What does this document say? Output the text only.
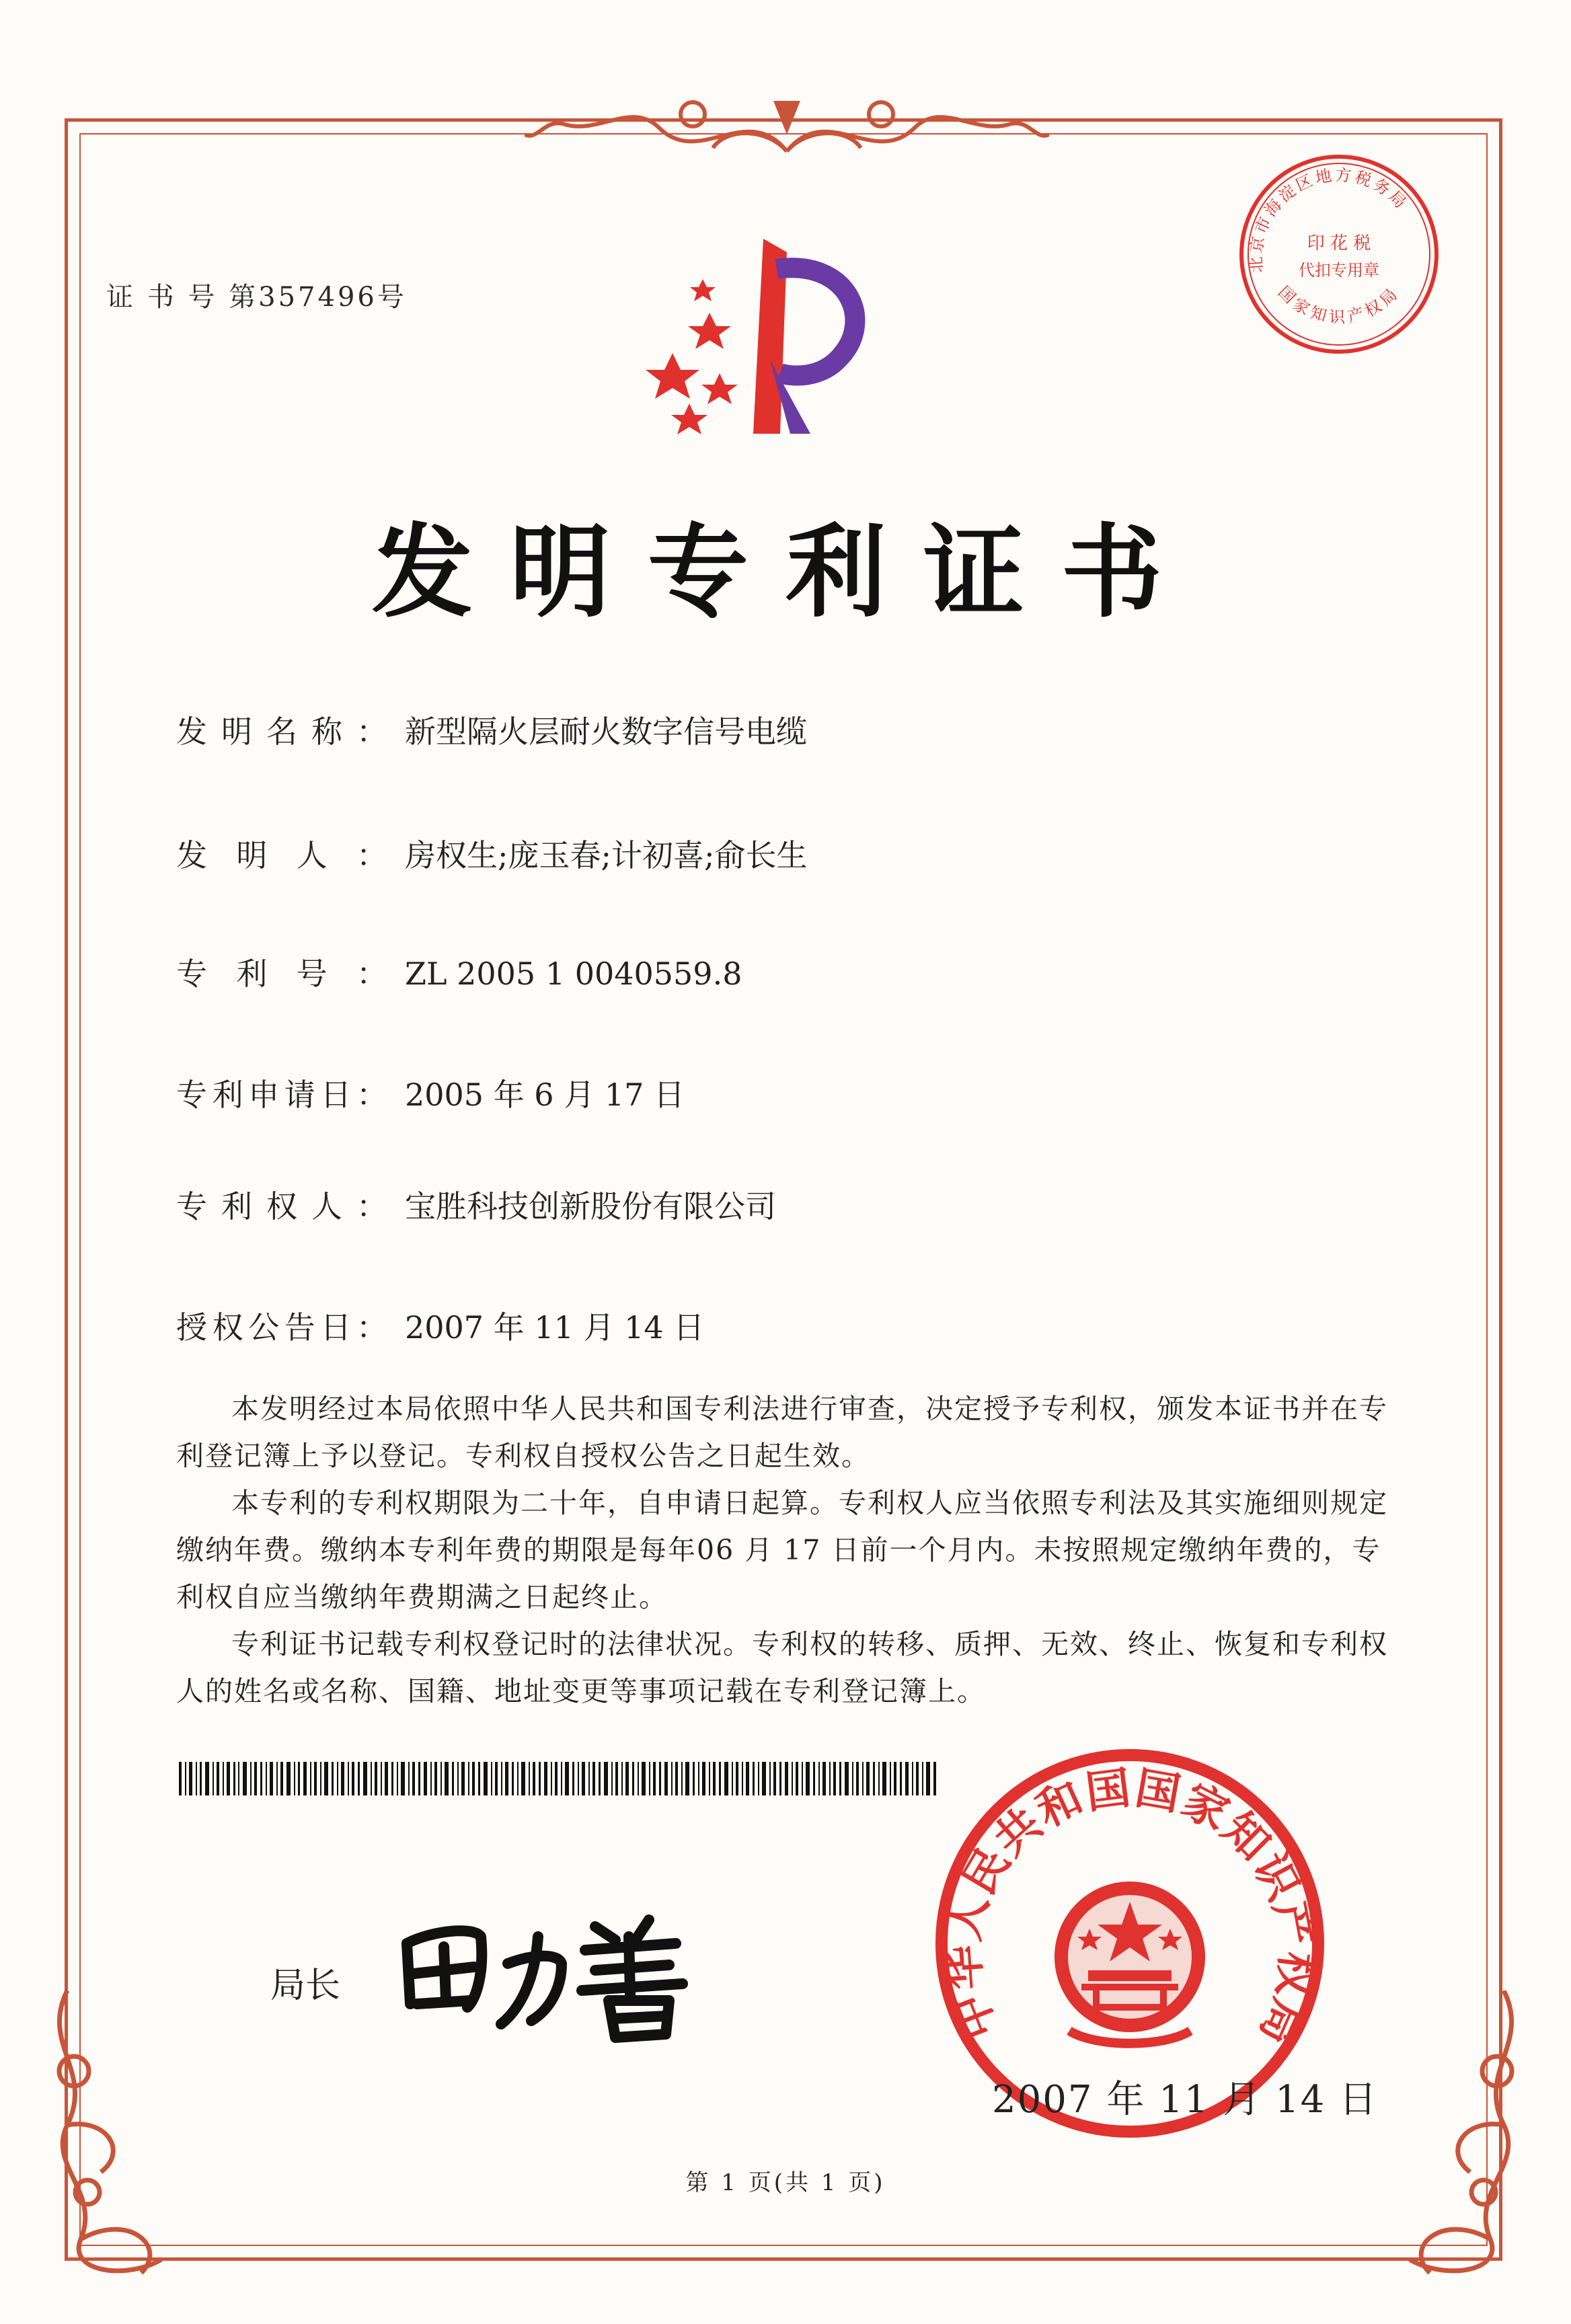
证 书 号 第357496号
北京市海淀区地方税务局
国家知识产权局
印 花 税
代扣专用章
发明专利证书
发明名称： 新型隔火层耐火数字信号电缆
发明人： 房权生;庞玉春;计初喜;俞长生
专利号： ZL 2005 1 0040559.8
专利申请日： 2005 年 6 月 17 日
专利权人： 宝胜科技创新股份有限公司
授权公告日： 2007 年 11 月 14 日

本发明经过本局依照中华人民共和国专利法进行审查，决定授予专利权，颁发本证书并在专利登记簿上予以登记。专利权自授权公告之日起生效。

本专利的专利权期限为二十年，自申请日起算。专利权人应当依照专利法及其实施细则规定缴纳年费。缴纳本专利年费的期限是每年06 月 17 日前一个月内。未按照规定缴纳年费的，专利权自应当缴纳年费期满之日起终止。

专利证书记载专利权登记时的法律状况。专利权的转移、质押、无效、终止、恢复和专利权人的姓名或名称、国籍、地址变更等事项记载在专利登记簿上。

局长	中华人民共和国国家知识产权局
2007 年 11 月 14 日
第 1 页(共 1 页)
